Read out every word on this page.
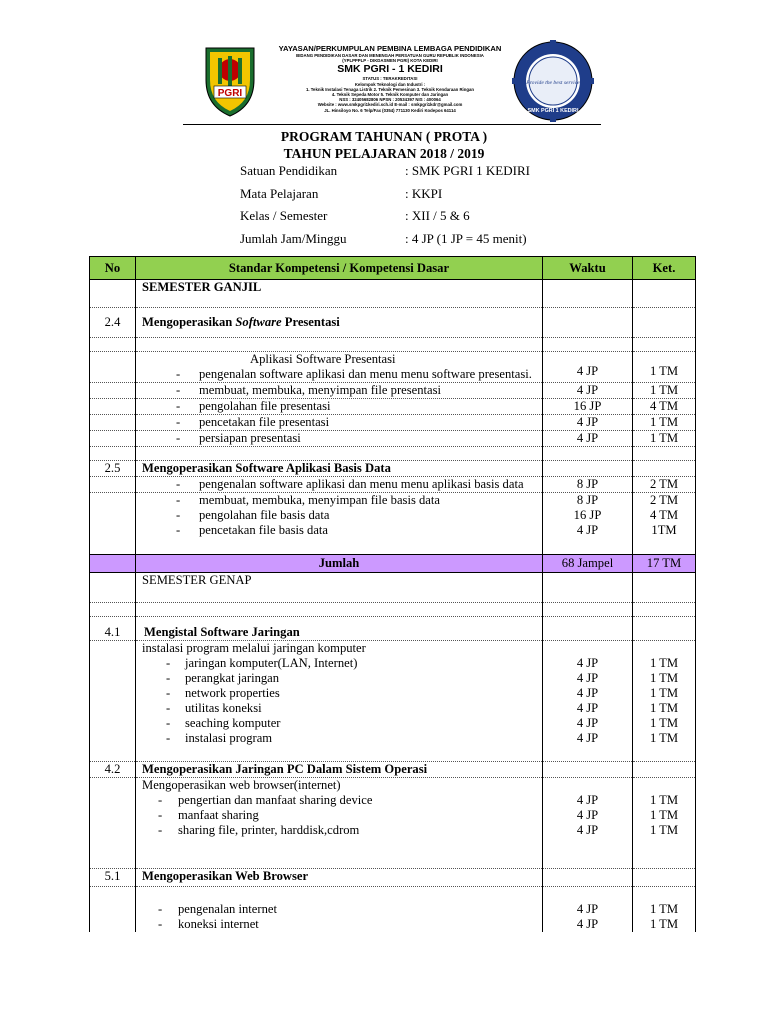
PGRI
YAYASAN/PERKUMPULAN PEMBINA LEMBAGA PENDIDIKAN
BIDANG PENDIDIKAN DASAR DAN MENENGAH PERSATUAN GURU REPUBLIK INDONESIA
(YPLPPPLP - DIKDASMEN PGRI) KOTA KEDIRI
SMK PGRI - 1 KEDIRI
STATUS : TERAKREDITASI
Kelompok Teknologi dan Industri :
1. Teknik Instalasi Tenaga Listrik 2. Teknik Pemesinan 3. Teknik Kendaraan Ringan
4. Teknik Sepeda Motor 5. Teknik Komputer dan Jaringan
NSS : 32405682806 NPSN : 20534397 NIS : 400064
Website : www.smkpgri1kediri.sch.id E-mail : smkpgri1kdr@gmail.com
JL. Hinsiloyo No. 6 Telp/Fax (0354) 771130 Kediri Kodepos 64114
Provide the best service
SMK PGRI 1 KEDIRI
PROGRAM TAHUNAN ( PROTA )
TAHUN PELAJARAN 2018 / 2019
Satuan Pendidikan	: SMK PGRI 1 KEDIRI
Mata Pelajaran	: KKPI
Kelas / Semester	: XII / 5 & 6
Jumlah Jam/Minggu	: 4 JP (1 JP = 45 menit)
No	Standar Kompetensi / Kompetensi Dasar	Waktu	Ket.
	SEMESTER GANJIL		
2.4	Mengoperasikan Software Presentasi		

	Aplikasi Software Presentasi
- pengenalan software aplikasi dan menu menu software presentasi.	4 JP	1 TM

	- membuat, membuka, menyimpan file presentasi	4 JP	1 TM

	- pengolahan file presentasi	16 JP	4 TM

	- pencetakan file presentasi	4 JP	1 TM

	- persiapan presentasi	4 JP	1 TM

2.5	Mengoperasikan Software Aplikasi Basis Data		

	- pengenalan software aplikasi dan menu menu aplikasi basis data	8 JP	2 TM

	- membuat, membuka, menyimpan file basis data	8 JP	2 TM

	- pengolahan file basis data	16 JP	4 TM

	- pencetakan file basis data	4 JP	1TM

	Jumlah	68 Jampel	17 TM
	SEMESTER GENAP		

4.1	Mengistal Software Jaringan		
	instalasi program melalui jaringan komputer		

	- jaringan komputer(LAN, Internet)	4 JP	1 TM

	- perangkat jaringan	4 JP	1 TM

	- network properties	4 JP	1 TM

	- utilitas koneksi	4 JP	1 TM

	- seaching komputer	4 JP	1 TM

	- instalasi program	4 JP	1 TM

4.2	Mengoperasikan Jaringan PC Dalam Sistem Operasi		
	Mengoperasikan web browser(internet)		

	- pengertian dan manfaat sharing device	4 JP	1 TM

	- manfaat sharing	4 JP	1 TM

	- sharing file, printer, harddisk,cdrom	4 JP	1 TM

5.1	Mengoperasikan Web Browser		

	- pengenalan internet	4 JP	1 TM

	- koneksi internet	4 JP	1 TM
